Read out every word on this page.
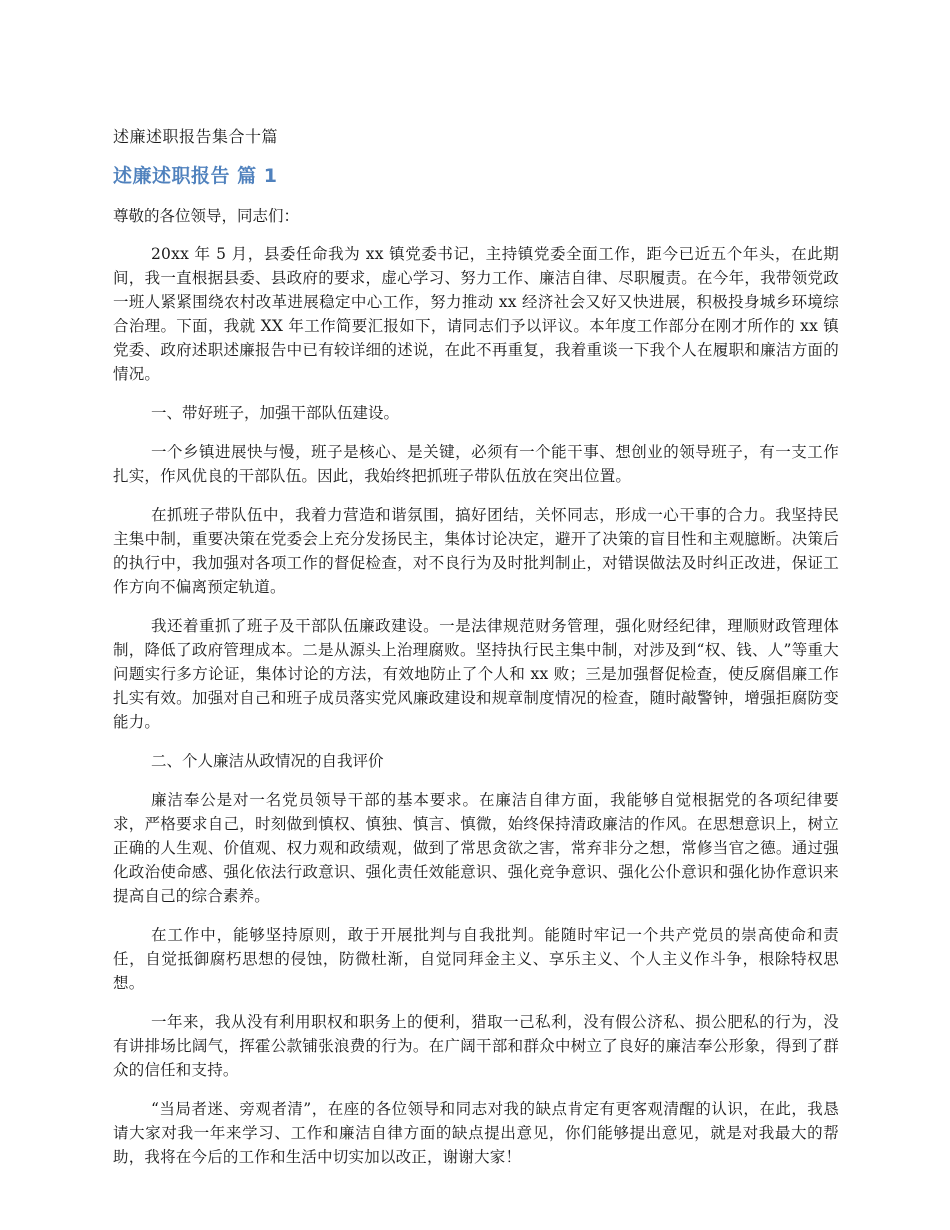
述廉述职报告集合十篇
述廉述职报告 篇 1
尊敬的各位领导，同志们：

20xx 年 5 月，县委任命我为 xx 镇党委书记，主持镇党委全面工作，距今已近五个年头，在此期间，我一直根据县委、县政府的要求，虚心学习、努力工作、廉洁自律、尽职履责。在今年，我带领党政一班人紧紧围绕农村改革进展稳定中心工作，努力推动 xx 经济社会又好又快进展，积极投身城乡环境综合治理。下面，我就 XX 年工作简要汇报如下，请同志们予以评议。本年度工作部分在刚才所作的 xx 镇党委、政府述职述廉报告中已有较详细的述说，在此不再重复，我着重谈一下我个人在履职和廉洁方面的情况。

一、带好班子，加强干部队伍建设。

一个乡镇进展快与慢，班子是核心、是关键，必须有一个能干事、想创业的领导班子，有一支工作扎实，作风优良的干部队伍。因此，我始终把抓班子带队伍放在突出位置。

在抓班子带队伍中，我着力营造和谐氛围，搞好团结，关怀同志，形成一心干事的合力。我坚持民主集中制，重要决策在党委会上充分发扬民主，集体讨论决定，避开了决策的盲目性和主观臆断。决策后的执行中，我加强对各项工作的督促检查，对不良行为及时批判制止，对错误做法及时纠正改进，保证工作方向不偏离预定轨道。

我还着重抓了班子及干部队伍廉政建设。一是法律规范财务管理，强化财经纪律，理顺财政管理体制，降低了政府管理成本。二是从源头上治理腐败。坚持执行民主集中制，对涉及到“权、钱、人”等重大问题实行多方论证，集体讨论的方法，有效地防止了个人和 xx 败；三是加强督促检查，使反腐倡廉工作扎实有效。加强对自己和班子成员落实党风廉政建设和规章制度情况的检查，随时敲警钟，增强拒腐防变能力。

二、个人廉洁从政情况的自我评价

廉洁奉公是对一名党员领导干部的基本要求。在廉洁自律方面，我能够自觉根据党的各项纪律要求，严格要求自己，时刻做到慎权、慎独、慎言、慎微，始终保持清政廉洁的作风。在思想意识上，树立正确的人生观、价值观、权力观和政绩观，做到了常思贪欲之害，常弃非分之想，常修当官之德。通过强化政治使命感、强化依法行政意识、强化责任效能意识、强化竞争意识、强化公仆意识和强化协作意识来提高自己的综合素养。

在工作中，能够坚持原则，敢于开展批判与自我批判。能随时牢记一个共产党员的崇高使命和责任，自觉抵御腐朽思想的侵蚀，防微杜渐，自觉同拜金主义、享乐主义、个人主义作斗争，根除特权思想。

一年来，我从没有利用职权和职务上的便利，猎取一己私利，没有假公济私、损公肥私的行为，没有讲排场比阔气，挥霍公款铺张浪费的行为。在广阔干部和群众中树立了良好的廉洁奉公形象，得到了群众的信任和支持。

“当局者迷、旁观者清”，在座的各位领导和同志对我的缺点肯定有更客观清醒的认识，在此，我恳请大家对我一年来学习、工作和廉洁自律方面的缺点提出意见，你们能够提出意见，就是对我最大的帮助，我将在今后的工作和生活中切实加以改正，谢谢大家！
